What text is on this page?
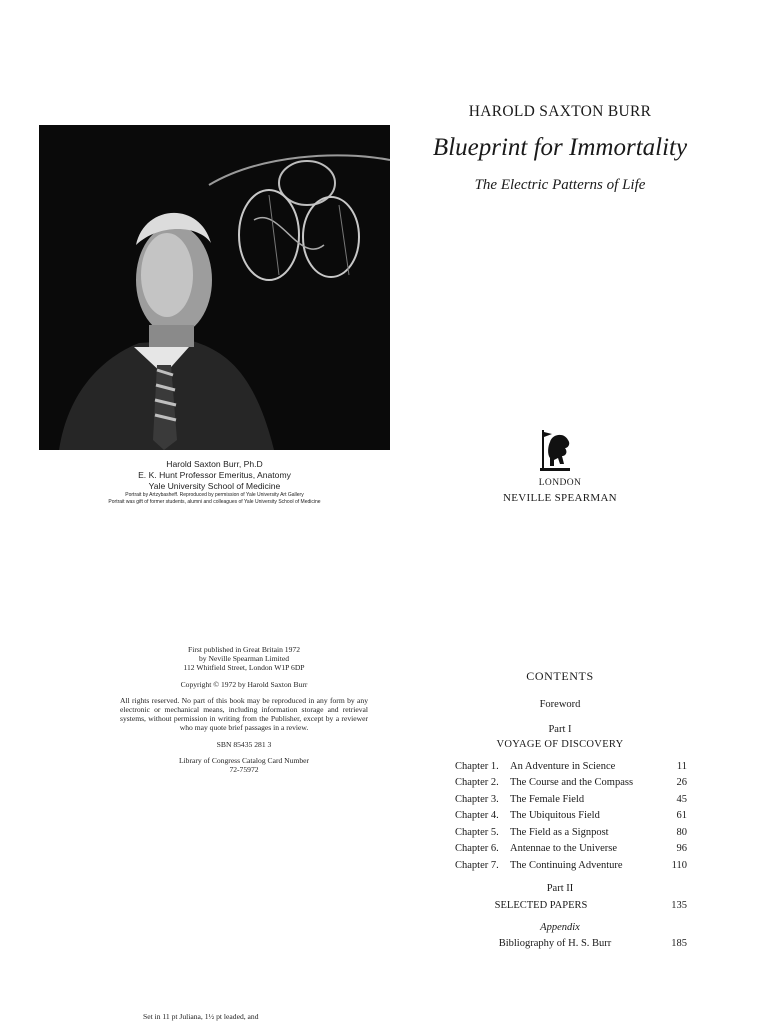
Harold Saxton Burr, Ph.D
E. K. Hunt Professor Emeritus, Anatomy
Yale University School of Medicine
Portrait by Artzybasheff. Reproduced by permission of Yale University Art Gallery
Portrait was gift of former students, alumni and colleagues of Yale University School of Medicine
First published in Great Britain 1972
by Neville Spearman Limited
112 Whitfield Street, London W1P 6DP
Copyright © 1972 by Harold Saxton Burr
All rights reserved. No part of this book may be reproduced in any form by any electronic or mechanical means, including information storage and retrieval systems, without permission in writing from the Publisher, except by a reviewer who may quote brief passages in a review.
SBN 85435 281 3
Library of Congress Catalog Card Number
72-75972
Set in 11 pt Juliana, 1½ pt leaded, and
HAROLD SAXTON BURR
Blueprint for Immortality
The Electric Patterns of Life
LONDON
NEVILLE SPEARMAN
CONTENTS
Foreword
Part I
VOYAGE OF DISCOVERY
Chapter 1. An Adventure in Science	11
Chapter 2. The Course and the Compass	26
Chapter 3. The Female Field	45
Chapter 4. The Ubiquitous Field	61
Chapter 5. The Field as a Signpost	80
Chapter 6. Antennae to the Universe	96
Chapter 7. The Continuing Adventure	110
Part II
SELECTED PAPERS	135
Appendix
Bibliography of H. S. Burr	185
